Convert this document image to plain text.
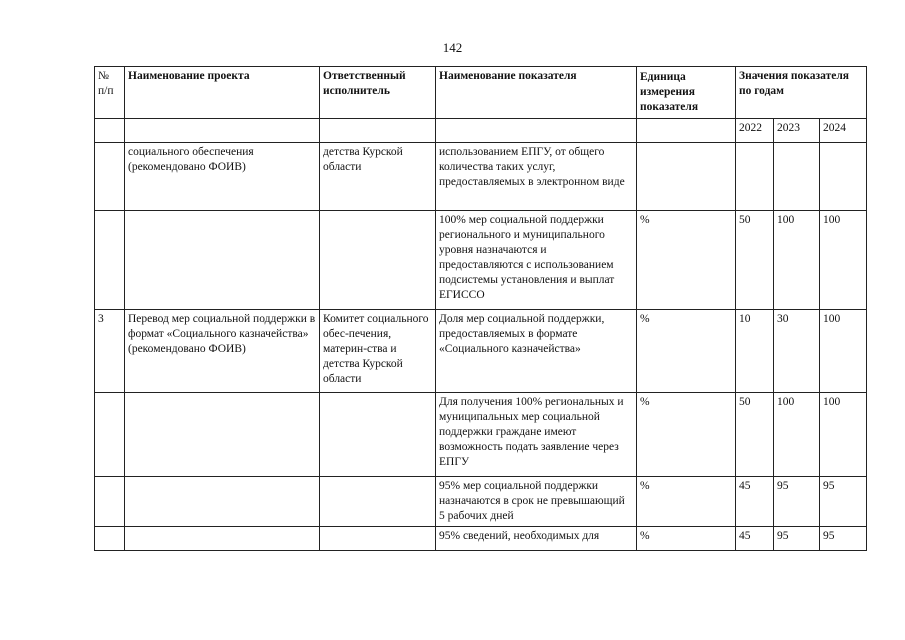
142
№ п/п	Наименование проекта	Ответственный исполнитель	Наименование показателя	Единица измерения показателя	Значения показателя по годам		
					2022	2023	2024
	социального обеспечения (рекомендовано ФОИВ)	детства Курской области	использованием ЕПГУ, от общего количества таких услуг, предоставляемых в электронном виде				
			100% мер социальной поддержки регионального и муниципального уровня назначаются и предоставляются с использованием подсистемы установления и выплат ЕГИССО	%	50	100	100
3	Перевод мер социальной поддержки в формат «Социального казначейства» (рекомендовано ФОИВ)	Комитет социального обес-печения, материн-ства и детства Курской области	Доля мер социальной поддержки, предоставляемых в формате «Социального казначейства»	%	10	30	100
			Для получения 100% региональных и муниципальных мер социальной поддержки граждане имеют возможность подать заявление через ЕПГУ	%	50	100	100
			95% мер социальной поддержки назначаются в срок не превышающий 5 рабочих дней	%	45	95	95
			95% сведений, необходимых для	%	45	95	95
